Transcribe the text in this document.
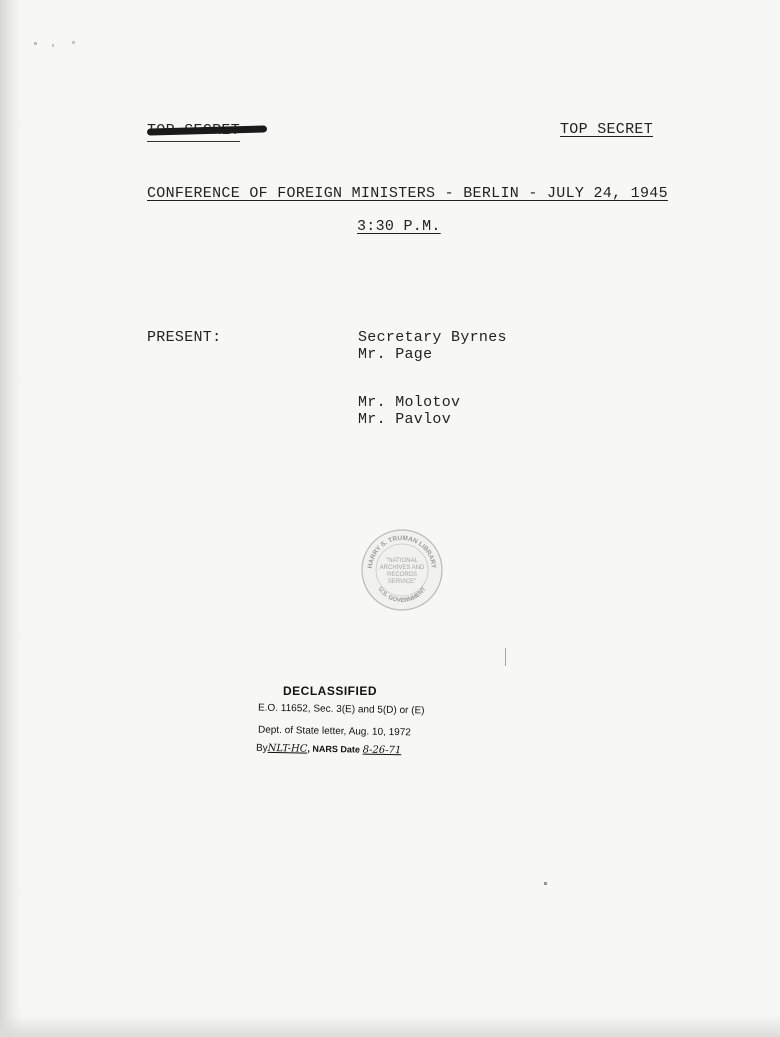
TOP SECRET
CONFERENCE OF FOREIGN MINISTERS - BERLIN - JULY 24, 1945
3:30 P.M.
PRESENT:	Secretary Byrnes
Mr. Page
Mr. Molotov
Mr. Pavlov
HARRY S. TRUMAN LIBRARY
U.S. GOVERNMENT
"NATIONAL
ARCHIVES AND
RECORDS
SERVICE"
DECLASSIFIED
E.O. 11652, Sec. 3(E) and 5(D) or (E)
Dept. of State letter, Aug. 10, 1972
ByNLT-HC, NARS Date 8-26-71
